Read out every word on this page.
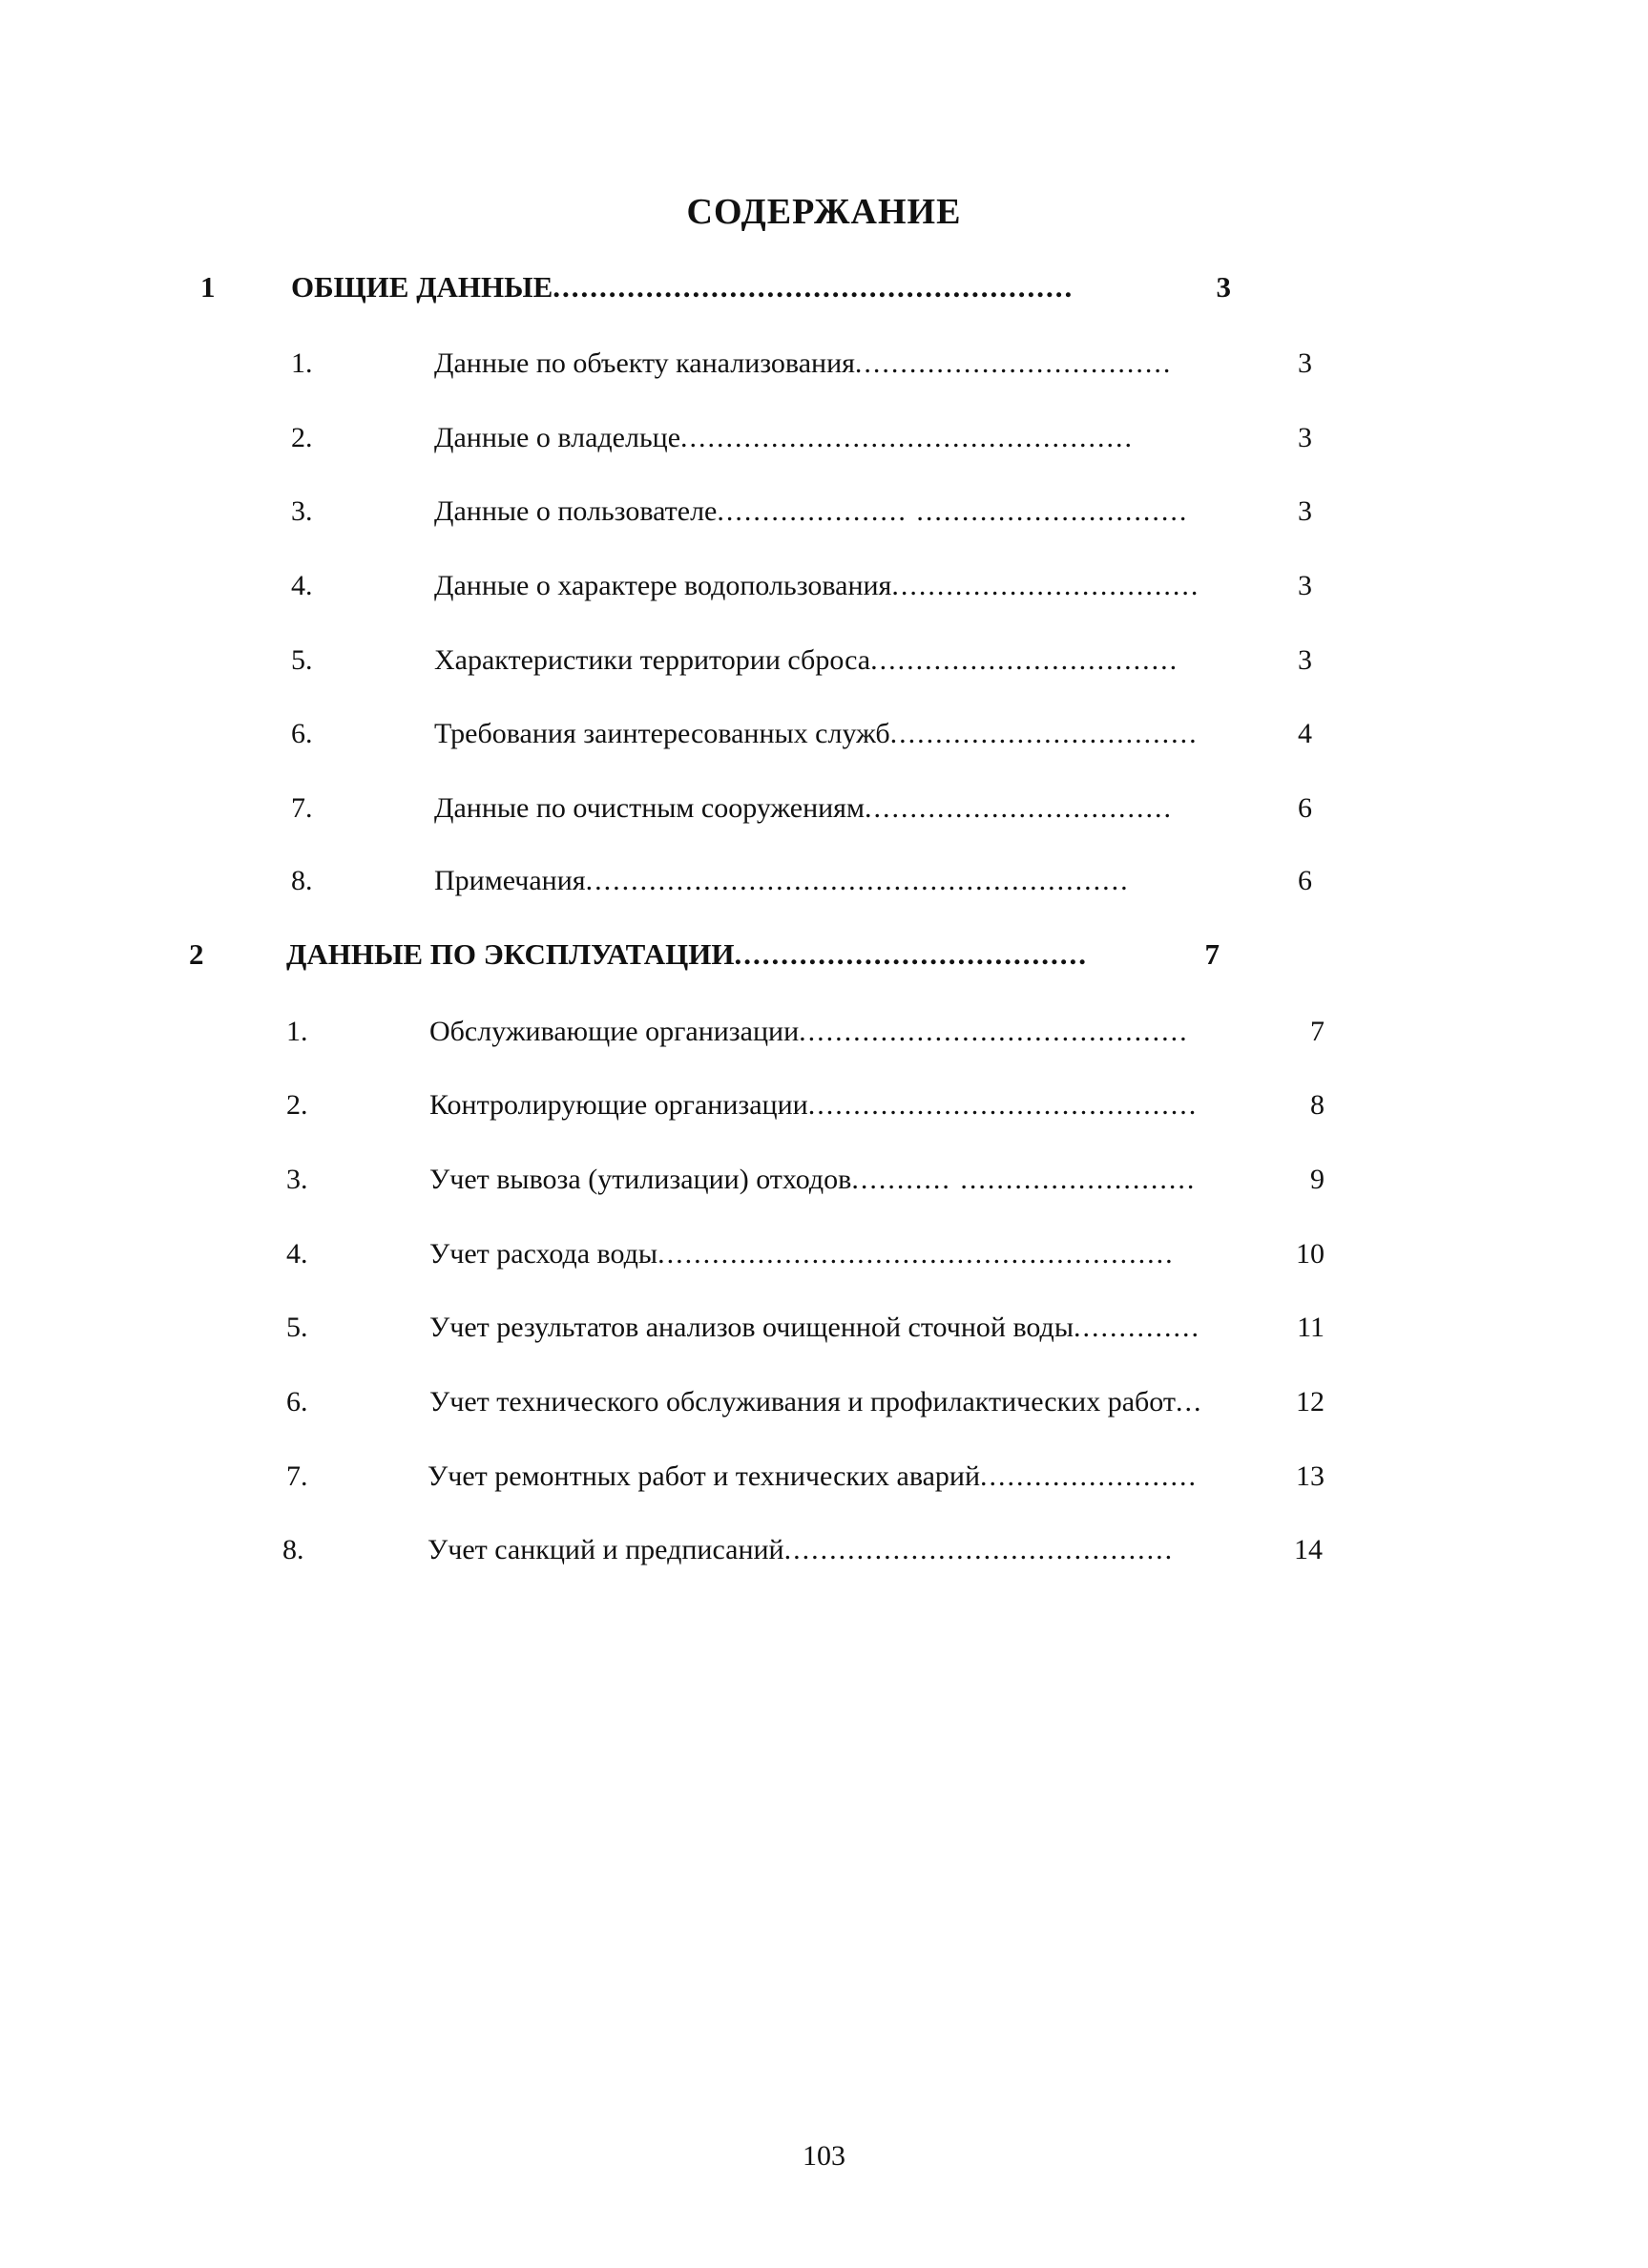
СОДЕРЖАНИЕ
1	ОБЩИЕ ДАННЫЕ ........................................................	3
1.	Данные по объекту канализования ...................................	3
2.	Данные о владельце ..................................................	3
3.	Данные о пользователе ..................... ..............................	3
4.	Данные о характере водопользования ..................................	3
5.	Характеристики территории сброса ..................................	3
6.	Требования заинтересованных служб ..................................	4
7.	Данные по очистным сооружениям ..................................	6
8.	Примечания ............................................................	6
2	ДАННЫЕ ПО ЭКСПЛУАТАЦИИ ......................................	7
1.	Обслуживающие организации ...........................................	7
2.	Контролирующие организации ...........................................	8
3.	Учет вывоза (утилизации) отходов ........... ..........................	9
4.	Учет расхода воды .........................................................	10
5.	Учет результатов анализов очищенной сточной воды ..............	11
6.	Учет технического обслуживания и профилактических работ ...	12
7.	Учет ремонтных работ и технических аварий ........................	13
8.	Учет санкций и предписаний ...........................................	14
103
